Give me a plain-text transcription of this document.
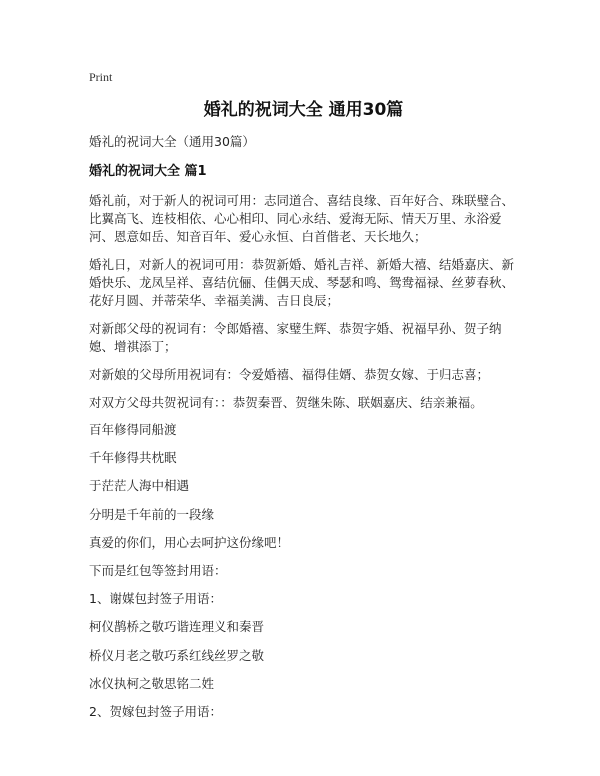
Print
婚礼的祝词大全 通用30篇
婚礼的祝词大全（通用30篇）
婚礼的祝词大全 篇1

婚礼前，对于新人的祝词可用：志同道合、喜结良缘、百年好合、珠联璧合、比翼高飞、连枝相依、心心相印、同心永结、爱海无际、情天万里、永浴爱河、恩意如岳、知音百年、爱心永恒、白首偕老、天长地久；

婚礼日，对新人的祝词可用：恭贺新婚、婚礼吉祥、新婚大禧、结婚嘉庆、新婚快乐、龙凤呈祥、喜结伉俪、佳偶天成、琴瑟和鸣、鸳鸯福禄、丝萝春秋、花好月圆、并蒂荣华、幸福美满、吉日良辰；

对新郎父母的祝词有：令郎婚禧、家璧生辉、恭贺字婚、祝福早孙、贺子纳媳、增祺添丁；

对新娘的父母所用祝词有：令爱婚禧、福得佳婿、恭贺女嫁、于归志喜；

对双方父母共贺祝词有：：恭贺秦晋、贺继朱陈、联姻嘉庆、结亲兼福。

百年修得同船渡
千年修得共枕眠
于茫茫人海中相遇
分明是千年前的一段缘
真爱的你们，用心去呵护这份缘吧！
下而是红包等签封用语：
1、谢媒包封签子用语：
柯仪鹊桥之敬巧谐连理义和秦晋
桥仪月老之敬巧系红线丝罗之敬
冰仪执柯之敬思铭二姓
2、贺嫁包封签子用语：
